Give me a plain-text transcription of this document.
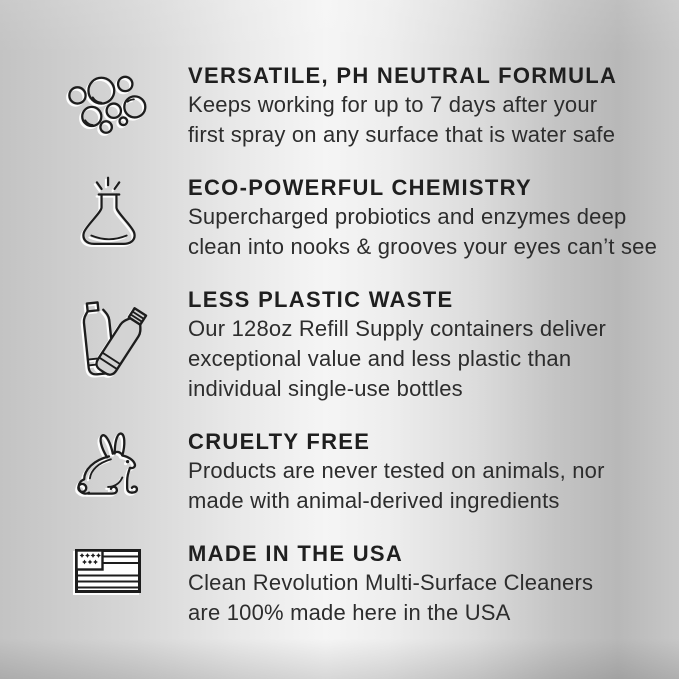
VERSATILE, PH NEUTRAL FORMULA
Keeps working for up to 7 days after your
first spray on any surface that is water safe
ECO-POWERFUL CHEMISTRY
Supercharged probiotics and enzymes deep
clean into nooks & grooves your eyes can’t see
LESS PLASTIC WASTE
Our 128oz Refill Supply containers deliver
exceptional value and less plastic than
individual single-use bottles
CRUELTY FREE
Products are never tested on animals, nor
made with animal-derived ingredients
MADE IN THE USA
Clean Revolution Multi-Surface Cleaners
are 100% made here in the USA
